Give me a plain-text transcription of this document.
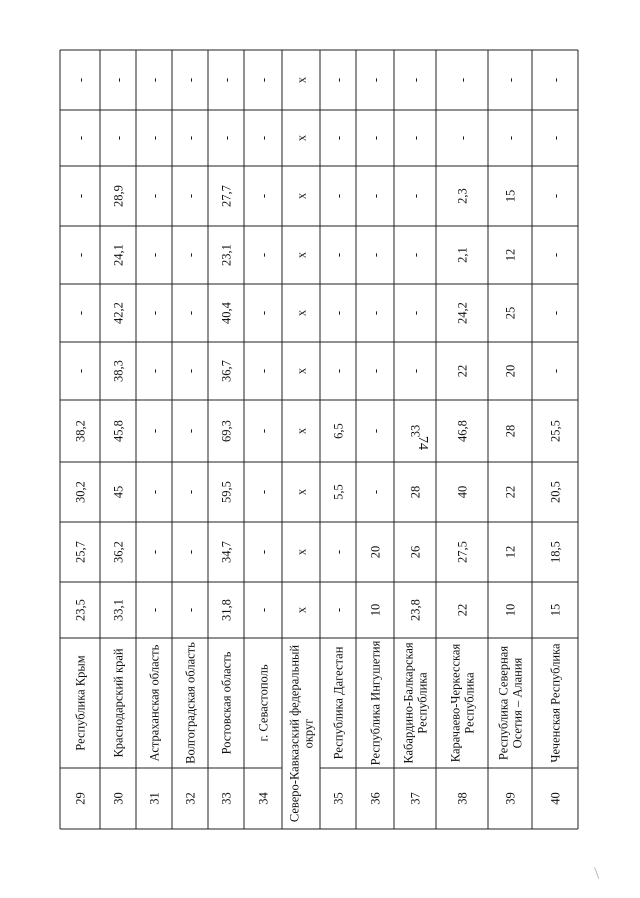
74
29
Республика Крым
23,5
25,7
30,2
38,2
-
-
-
-
-
-
30
Краснодарский край
33,1
36,2
45
45,8
38,3
42,2
24,1
28,9
-
-
31
Астраханская область
-
-
-
-
-
-
-
-
-
-
32
Волгоградская область
-
-
-
-
-
-
-
-
-
-
33
Ростовская область
31,8
34,7
59,5
69,3
36,7
40,4
23,1
27,7
-
-
34
г. Севастополь
-
-
-
-
-
-
-
-
-
-
Северо-Кавказский федеральныйокруг
x
x
x
x
x
x
x
x
x
x
35
Республика Дагестан
-
-
5,5
6,5
-
-
-
-
-
-
36
Республика Ингушетия
10
20
-
-
-
-
-
-
-
-
37
Кабардино-БалкарскаяРеспублика
23,8
26
28
33
-
-
-
-
-
-
38
Карачаево-ЧеркесскаяРеспублика
22
27,5
40
46,8
22
24,2
2,1
2,3
-
-
39
Республика СевернаяОсетия – Алания
10
12
22
28
20
25
12
15
-
-
40
Чеченская Республика
15
18,5
20,5
25,5
-
-
-
-
-
-
